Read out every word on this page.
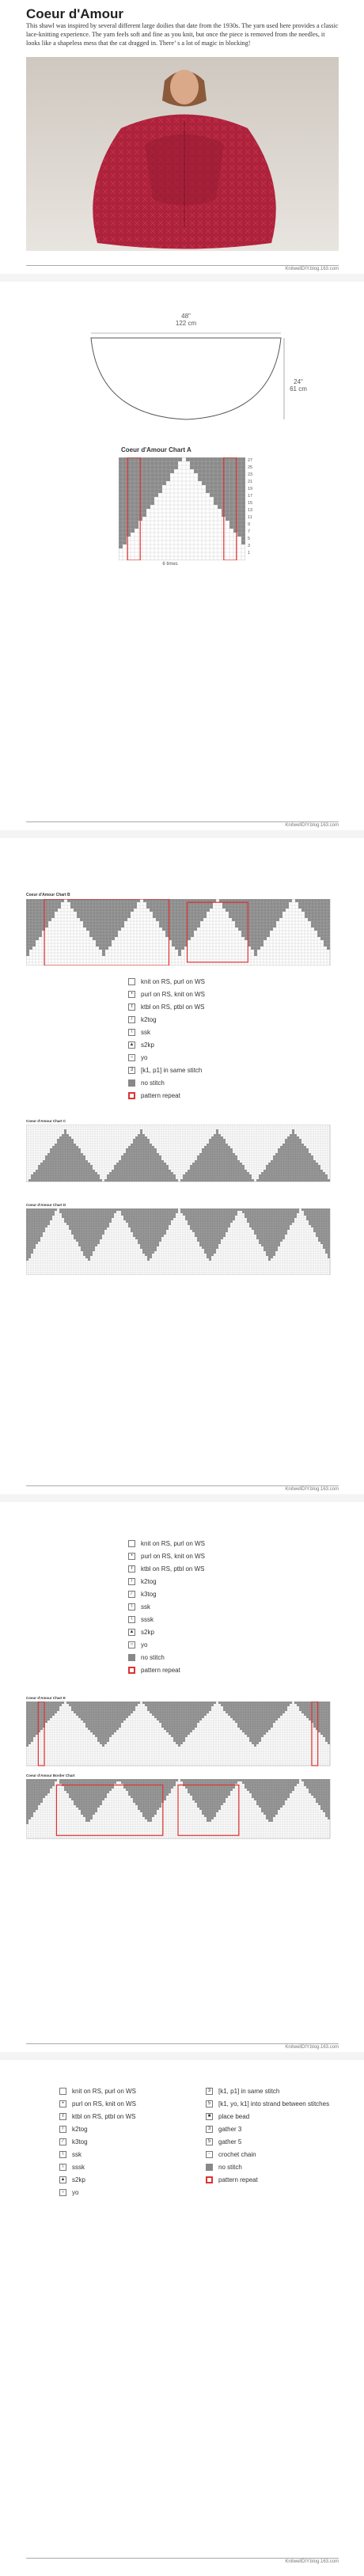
Coeur d'Amour
This shawl was inspired by several different large doilies that date from the 1930s. The yarn used here provides a classic lace-knitting experience. The yarn feels soft and fine as you knit, but once the piece is removed from the needles, it looks like a shapeless mess that the cat dragged in. There’ s a lot of magic in blocking!
KnitwellDIY.blog.163.com
48"
122 cm
24"
61 cm
Coeur d'Amour Chart A
27
25
23
21
19
17
15
13
11
9
7
5
3
1
6 times
KnitwellDIY.blog.163.com
Coeur d'Amour Chart B
knit on RS, purl on WS
•	purl on RS, knit on WS
ℓ	ktbl on RS, ptbl on WS
/	k2tog
\	ssk
▲ s2kp
○	yo
3	[k1, p1] in same stitch
no stitch
pattern repeat
Coeur d'Amour Chart C
Coeur d'Amour Chart D
KnitwellDIY.blog.163.com
knit on RS, purl on WS
•	purl on RS, knit on WS
ℓ	ktbl on RS, ptbl on WS
/	k2tog
⁄	k3tog
\	ssk
\	sssk
▲ s2kp
○	yo
no stitch
pattern repeat
Coeur d'Amour Chart E
Coeur d'Amour Border Chart
KnitwellDIY.blog.163.com
knit on RS, purl on WS
•	purl on RS, knit on WS
ℓ	ktbl on RS, ptbl on WS
/	k2tog
⁄	k3tog
\	ssk
\	sssk
▲ s2kp
○	yo
3	[k1, p1] in same stitch
5	[k1, yo, k1] into strand between stitches
■	place bead
3	gather 3
5	gather 5
◦	crochet chain
no stitch
pattern repeat
KnitwellDIY.blog.163.com
